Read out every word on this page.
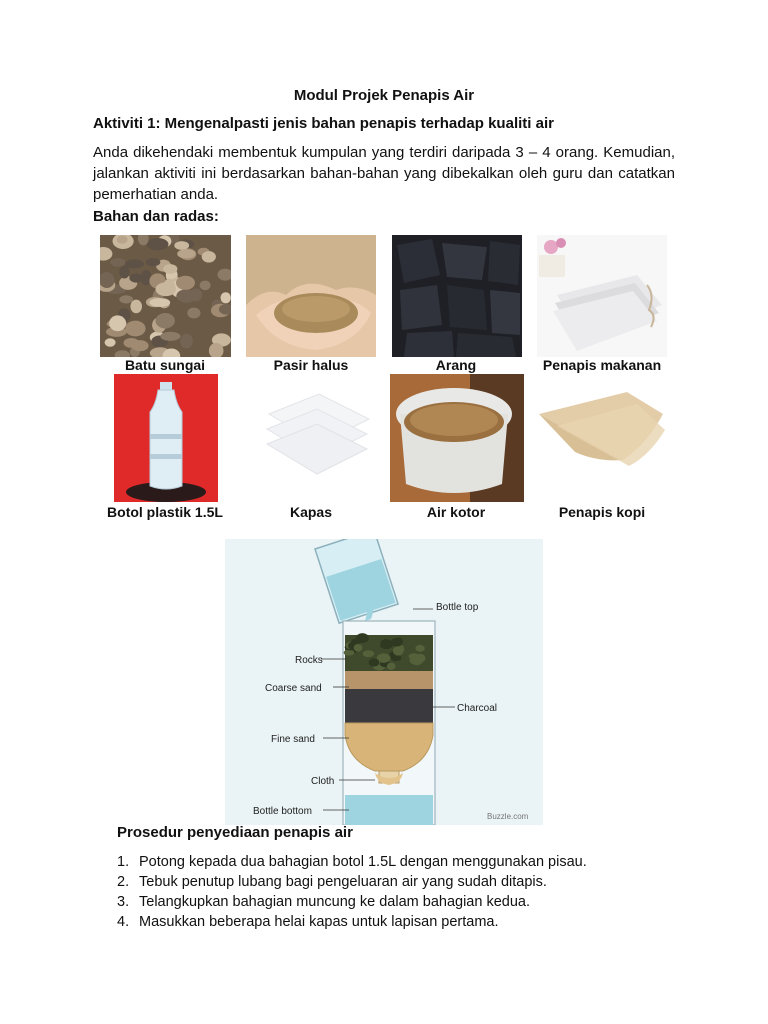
Modul Projek Penapis Air
Aktiviti 1: Mengenalpasti jenis bahan penapis terhadap kualiti air
Anda dikehendaki membentuk kumpulan yang terdiri daripada 3 – 4 orang. Kemudian, jalankan aktiviti ini berdasarkan bahan-bahan yang dibekalkan oleh guru dan catatkan pemerhatian anda.
Bahan dan radas:
Batu sungai	Pasir halus	Arang	Penapis makanan
Botol plastik 1.5L	Kapas	Air kotor	Penapis kopi
Bottle top
Rocks
Coarse sand
Charcoal
Fine sand
Cloth
Bottle bottom	Buzzle.com
Prosedur penyediaan penapis air
1. Potong kepada dua bahagian botol 1.5L dengan menggunakan pisau.
2. Tebuk penutup lubang bagi pengeluaran air yang sudah ditapis.
3. Telangkupkan bahagian muncung ke dalam bahagian kedua.
4. Masukkan beberapa helai kapas untuk lapisan pertama.
